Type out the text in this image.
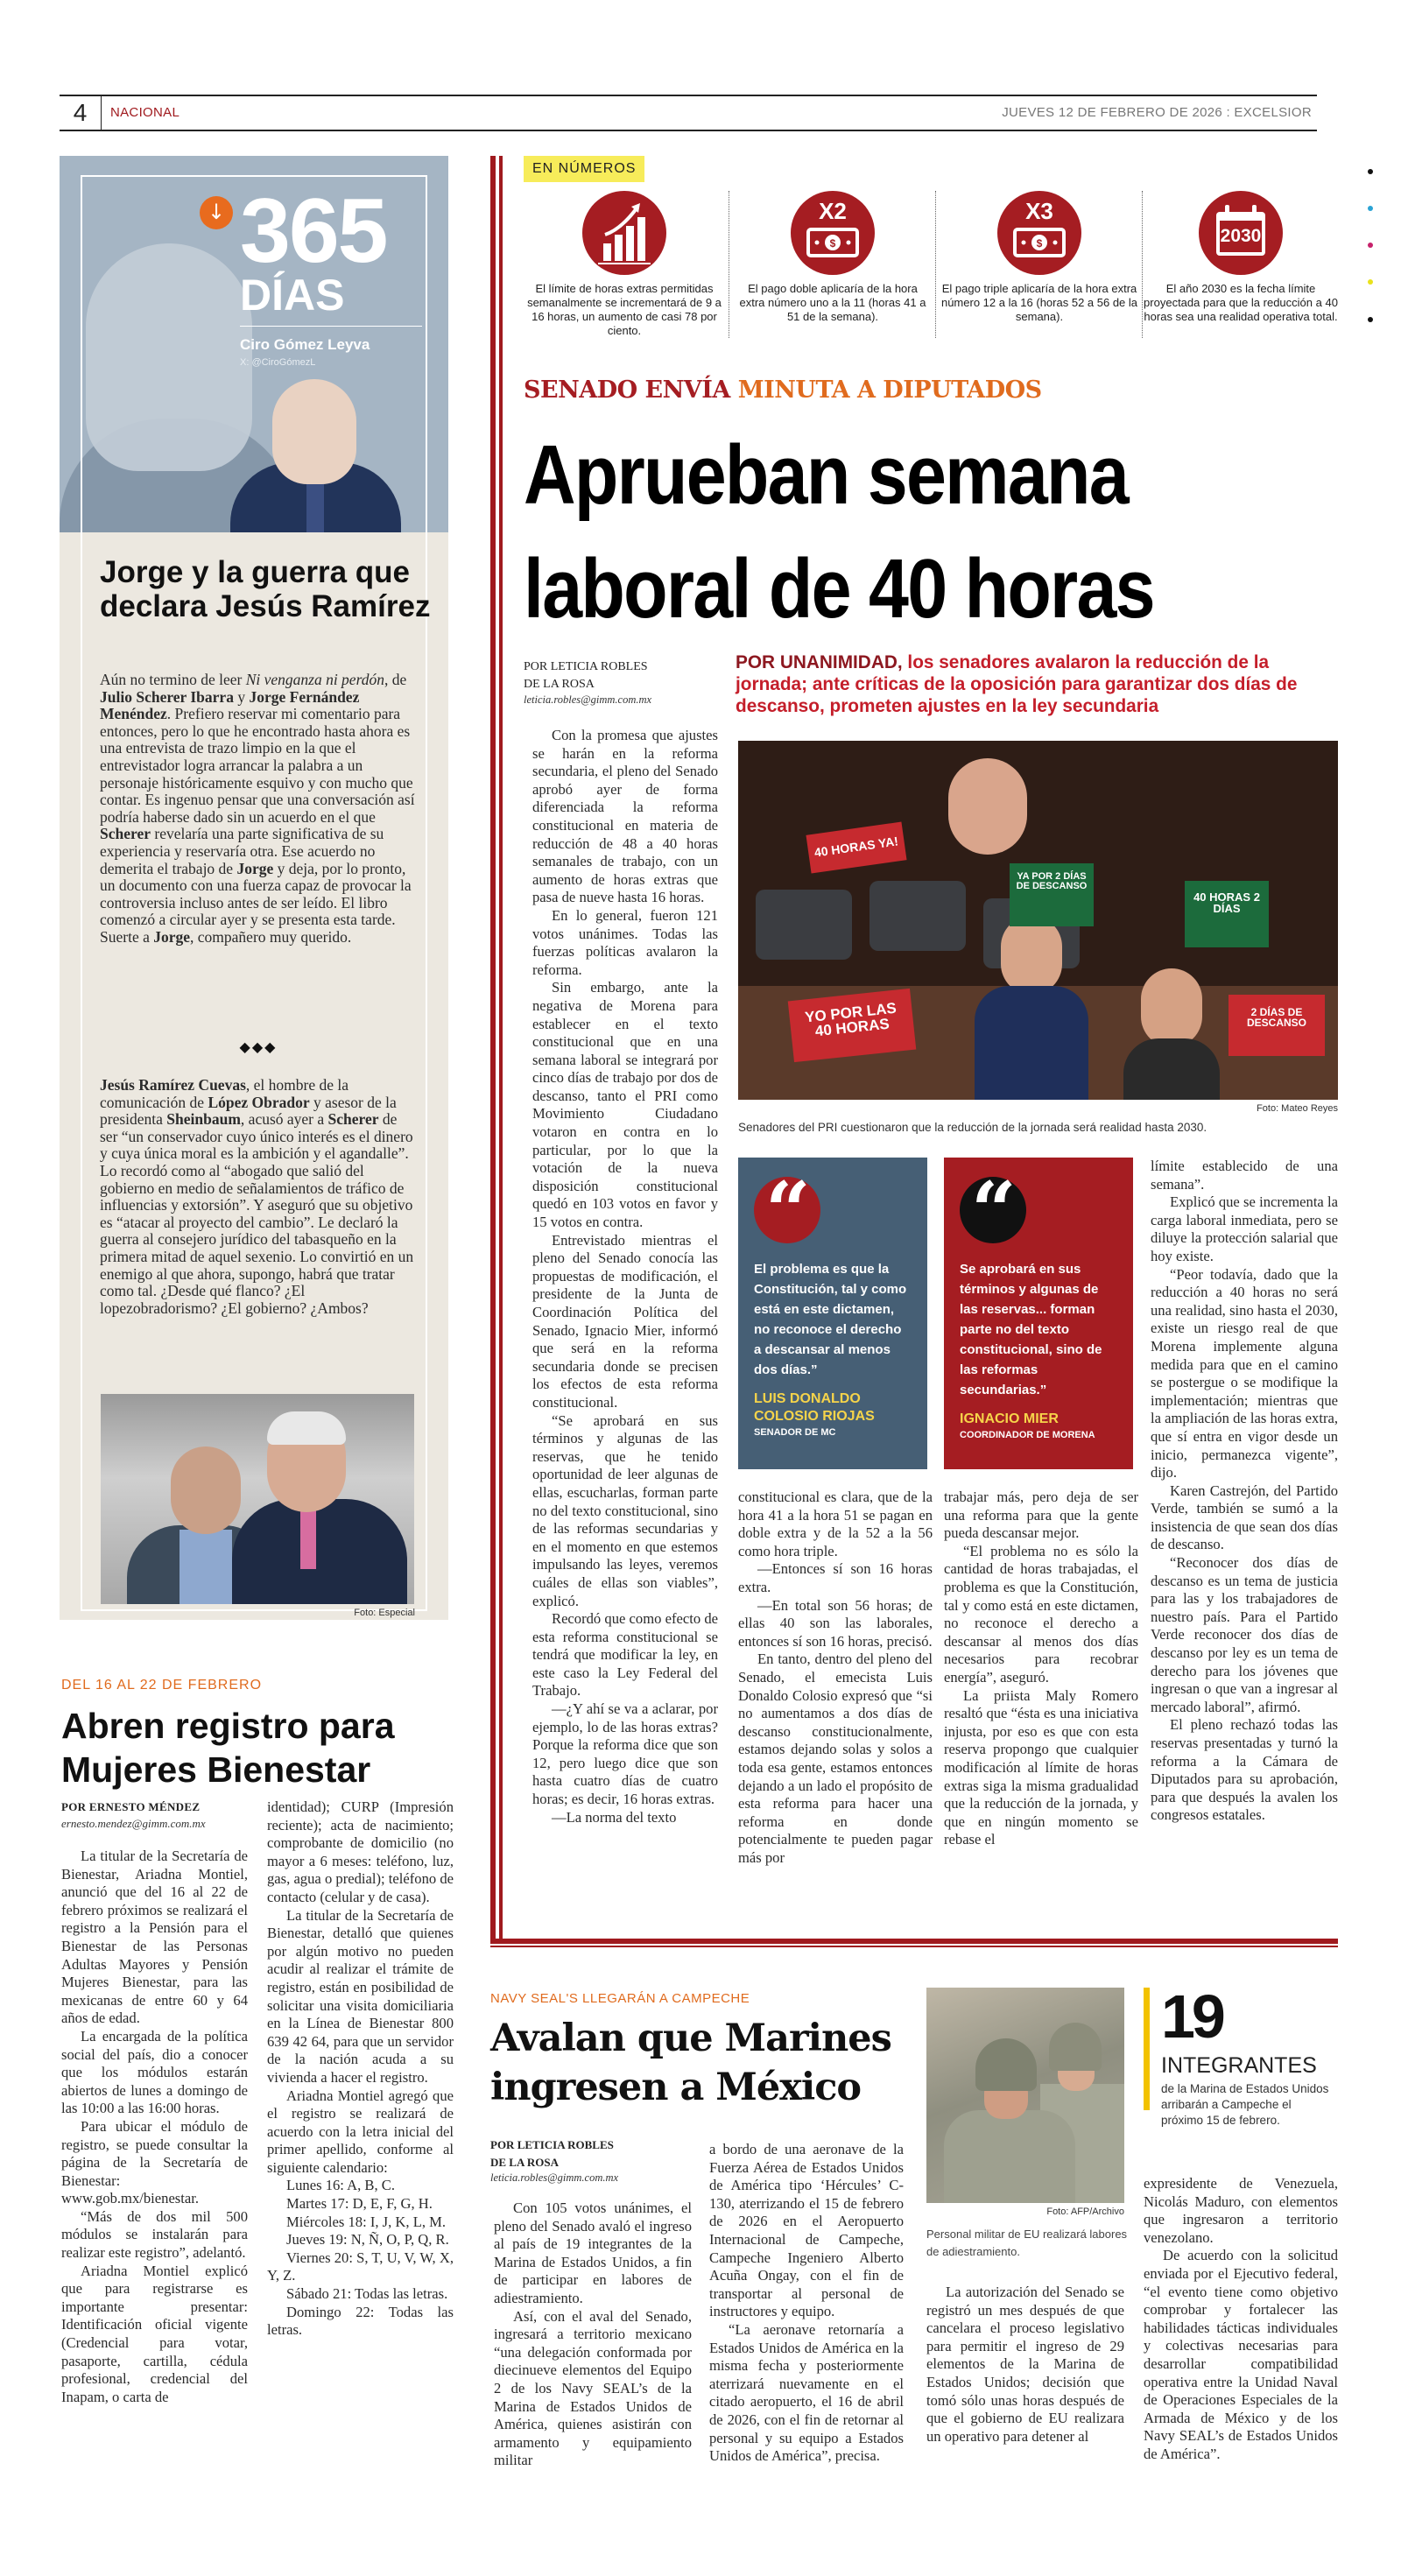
4	NACIONAL	JUEVES 12 DE FEBRERO DE 2026 : EXCELSIOR
↓ 365
DÍAS
Ciro Gómez Leyva
X: @CiroGómezL
Jorge y la guerra que declara Jesús Ramírez

Aún no termino de leer Ni venganza ni perdón, de Julio Scherer Ibarra y Jorge Fernández Menéndez. Prefiero reservar mi comentario para entonces, pero lo que he encontrado hasta ahora es una entrevista de trazo limpio en la que el entrevistador logra arrancar la palabra a un personaje históricamente esquivo y con mucho que contar. Es ingenuo pensar que una conversación así podría haberse dado sin un acuerdo en el que Scherer revelaría una parte significativa de su experiencia y reservaría otra. Ese acuerdo no demerita el trabajo de Jorge y deja, por lo pronto, un documento con una fuerza capaz de provocar la controversia incluso antes de ser leído. El libro comenzó a circular ayer y se presenta esta tarde. Suerte a Jorge, compañero muy querido.

◆◆◆

Jesús Ramírez Cuevas, el hombre de la comunicación de López Obrador y asesor de la presidenta Sheinbaum, acusó ayer a Scherer de ser “un conservador cuyo único interés es el dinero y cuya única moral es la ambición y el agandalle”. Lo recordó como al “abogado que salió del gobierno en medio de señalamientos de tráfico de influencias y extorsión”. Y aseguró que su objetivo es “atacar al proyecto del cambio”. Le declaró la guerra al consejero jurídico del tabasqueño en la primera mitad de aquel sexenio. Lo convirtió en un enemigo al que ahora, supongo, habrá que tratar como tal. ¿Desde qué flanco? ¿El lopezobradorismo? ¿El gobierno? ¿Ambos?

Foto: Especial
DEL 16 AL 22 DE FEBRERO
Abren registro para Mujeres Bienestar
POR ERNESTO MÉNDEZ
ernesto.mendez@gimm.com.mx

La titular de la Secretaría de Bienestar, Ariadna Montiel, anunció que del 16 al 22 de febrero próximos se realizará el registro a la Pensión para el Bienestar de las Personas Adultas Mayores y Pensión Mujeres Bienestar, para las mexicanas de entre 60 y 64 años de edad.

La encargada de la política social del país, dio a conocer que los módulos estarán abiertos de lunes a domingo de las 10:00 a las 16:00 horas.

Para ubicar el módulo de registro, se puede consultar la página de la Secretaría de Bienestar: www.gob.mx/bienestar.

“Más de dos mil 500 módulos se instalarán para realizar este registro”, adelantó.

Ariadna Montiel explicó que para registrarse es importante presentar: Identificación oficial vigente (Credencial para votar, pasaporte, cartilla, cédula profesional, credencial del Inapam, o carta de

identidad); CURP (Impresión reciente); acta de nacimiento; comprobante de domicilio (no mayor a 6 meses: teléfono, luz, gas, agua o predial); teléfono de contacto (celular y de casa).

La titular de la Secretaría de Bienestar, detalló que quienes por algún motivo no pueden acudir al realizar el trámite de registro, están en posibilidad de solicitar una visita domiciliaria en la Línea de Bienestar 800 639 42 64, para que un servidor de la nación acuda a su vivienda a hacer el registro.

Ariadna Montiel agregó que el registro se realizará de acuerdo con la letra inicial del primer apellido, conforme al siguiente calendario:

Lunes 16: A, B, C.

Martes 17: D, E, F, G, H.

Miércoles 18: I, J, K, L, M.

Jueves 19: N, Ñ, O, P, Q, R.

Viernes 20: S, T, U, V, W, X, Y, Z.

Sábado 21: Todas las letras.

Domingo 22: Todas las letras.

EN NÚMEROS

El límite de horas extras permitidas semanalmente se incrementará de 9 a 16 horas, un aumento de casi 78 por ciento.

X2
$

El pago doble aplicaría de la hora extra número uno a la 11 (horas 41 a 51 de la semana).

X3
$

El pago triple aplicaría de la hora extra número 12 a la 16 (horas 52 a 56 de la semana).

2030

El año 2030 es la fecha límite proyectada para que la reducción a 40 horas sea una realidad operativa total.

SENADO ENVÍA MINUTA A DIPUTADOS
Aprueban semana
laboral de 40 horas
POR LETICIA ROBLES
DE LA ROSA
leticia.robles@gimm.com.mx
POR UNANIMIDAD, los senadores avalaron la reducción de la jornada; ante críticas de la oposición para garantizar dos días de descanso, prometen ajustes en la ley secundaria

Con la promesa que ajustes se harán en la reforma secundaria, el pleno del Senado aprobó ayer de forma diferenciada la reforma constitucional en materia de reducción de 48 a 40 horas semanales de trabajo, con un aumento de horas extras que pasa de nueve hasta 16 horas.

En lo general, fueron 121 votos unánimes. Todas las fuerzas políticas avalaron la reforma.

Sin embargo, ante la negativa de Morena para establecer en el texto constitucional que en una semana laboral se integrará por cinco días de trabajo por dos de descanso, tanto el PRI como Movimiento Ciudadano votaron en contra en lo particular, por lo que la votación de la nueva disposición constitucional quedó en 103 votos en favor y 15 votos en contra.

Entrevistado mientras el pleno del Senado conocía las propuestas de modificación, el presidente de la Junta de Coordinación Política del Senado, Ignacio Mier, informó que será en la reforma secundaria donde se precisen los efectos de esta reforma constitucional.

“Se aprobará en sus términos y algunas de las reservas, que he tenido oportunidad de leer algunas de ellas, escucharlas, forman parte no del texto constitucional, sino de las reformas secundarias y en el momento en que estemos impulsando las leyes, veremos cuáles de ellas son viables”, explicó.

Recordó que como efecto de esta reforma constitucional se tendrá que modificar la ley, en este caso la Ley Federal del Trabajo.

—¿Y ahí se va a aclarar, por ejemplo, lo de las horas extras? Porque la reforma dice que son 12, pero luego dice que son hasta cuatro días de cuatro horas; es decir, 16 horas extras.

—La norma del texto

40 HORAS YA!
YA POR 2 DÍAS DE DESCANSO
40 HORAS 2 DÍAS
YO POR LAS 40 HORAS
2 DÍAS DE DESCANSO
Foto: Mateo Reyes
Senadores del PRI cuestionaron que la reducción de la jornada será realidad hasta 2030.
“
El problema es que la Constitución, tal y como está en este dictamen, no reconoce el derecho a descansar al menos dos días.”
LUIS DONALDO COLOSIO RIOJAS
SENADOR DE MC
“
Se aprobará en sus términos y algunas de las reservas... forman parte no del texto constitucional, sino de las reformas secundarias.”
IGNACIO MIER
COORDINADOR DE MORENA

constitucional es clara, que de la hora 41 a la hora 51 se pagan en doble extra y de la 52 a la 56 como hora triple.

—Entonces sí son 16 horas extra.

—En total son 56 horas; de ellas 40 son las laborales, entonces sí son 16 horas, precisó.

En tanto, dentro del pleno del Senado, el emecista Luis Donaldo Colosio expresó que “si no aumentamos a dos días de descanso constitucionalmente, estamos dejando solas y solos a toda esa gente, estamos entonces dejando a un lado el propósito de esta reforma para hacer una reforma en donde potencialmente te pueden pagar más por

trabajar más, pero deja de ser una reforma para que la gente pueda descansar mejor.

“El problema no es sólo la cantidad de horas trabajadas, el problema es que la Constitución, tal y como está en este dictamen, no reconoce el derecho a descansar al menos dos días necesarios para recobrar energía”, aseguró.

La priista Maly Romero resaltó que “ésta es una iniciativa injusta, por eso es que con esta reserva propongo que cualquier modificación al límite de horas extras siga la misma gradualidad que la reducción de la jornada, y que en ningún momento se rebase el

límite establecido de una semana”.

Explicó que se incrementa la carga laboral inmediata, pero se diluye la protección salarial que hoy existe.

“Peor todavía, dado que la reducción a 40 horas no será una realidad, sino hasta el 2030, existe un riesgo real de que Morena implemente alguna medida para que en el camino se postergue o se modifique la implementación; mientras que la ampliación de las horas extra, que sí entra en vigor desde un inicio, permanezca vigente”, dijo.

Karen Castrejón, del Partido Verde, también se sumó a la insistencia de que sean dos días de descanso.

“Reconocer dos días de descanso es un tema de justicia para las y los trabajadores de nuestro país. Para el Partido Verde reconocer dos días de descanso por ley es un tema de derecho para los jóvenes que ingresan o que van a ingresar al mercado laboral”, afirmó.

El pleno rechazó todas las reservas presentadas y turnó la reforma a la Cámara de Diputados para su aprobación, para que después la avalen los congresos estatales.

NAVY SEAL'S LLEGARÁN A CAMPECHE
Avalan que Marines ingresen a México
POR LETICIA ROBLES
DE LA ROSA
leticia.robles@gimm.com.mx

Con 105 votos unánimes, el pleno del Senado avaló el ingreso al país de 19 integrantes de la Marina de Estados Unidos, a fin de participar en labores de adiestramiento.

Así, con el aval del Senado, ingresará a territorio mexicano “una delegación conformada por diecinueve elementos del Equipo 2 de los Navy SEAL’s de la Marina de Estados Unidos de América, quienes asistirán con armamento y equipamiento militar

a bordo de una aeronave de la Fuerza Aérea de Estados Unidos de América tipo ‘Hércules’ C-130, aterrizando el 15 de febrero de 2026 en el Aeropuerto Internacional de Campeche, Campeche Ingeniero Alberto Acuña Ongay, con el fin de transportar al personal de instructores y equipo.

“La aeronave retornaría a Estados Unidos de América en la misma fecha y posteriormente aterrizará nuevamente en el citado aeropuerto, el 16 de abril de 2026, con el fin de retornar al personal y su equipo a Estados Unidos de América”, precisa.

Foto: AFP/Archivo
Personal militar de EU realizará labores de adiestramiento.

La autorización del Senado se registró un mes después de que cancelara el proceso legislativo para permitir el ingreso de 29 elementos de la Marina de Estados Unidos; decisión que tomó sólo unas horas después de que el gobierno de EU realizara un operativo para detener al

19
INTEGRANTES
de la Marina de Estados Unidos arribarán a Campeche el próximo 15 de febrero.

expresidente de Venezuela, Nicolás Maduro, con elementos que ingresaron a territorio venezolano.

De acuerdo con la solicitud enviada por el Ejecutivo federal, “el evento tiene como objetivo comprobar y fortalecer las habilidades tácticas individuales y colectivas necesarias para desarrollar compatibilidad operativa entre la Unidad Naval de Operaciones Especiales de la Armada de México y de los Navy SEAL’s de Estados Unidos de América”.
